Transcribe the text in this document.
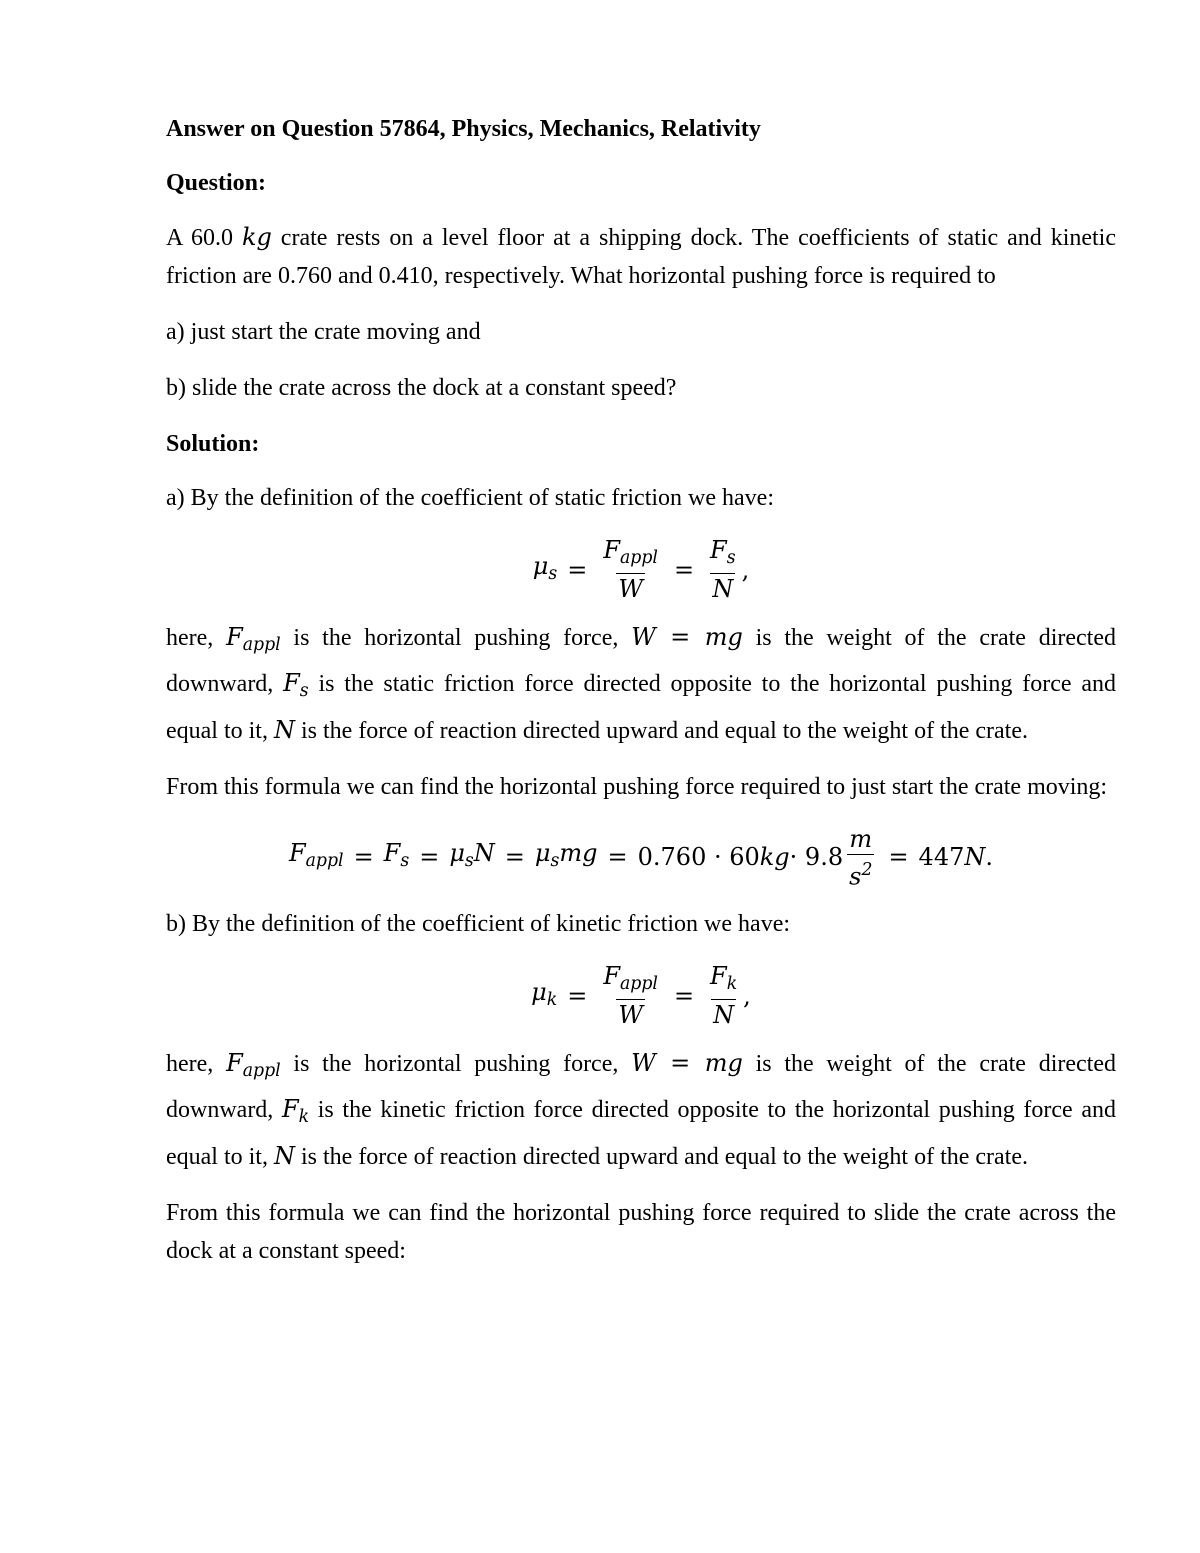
Answer on Question 57864, Physics, Mechanics, Relativity
Question:

A 60.0 kg crate rests on a level floor at a shipping dock. The coefficients of static and kinetic friction are 0.760 and 0.410, respectively. What horizontal pushing force is required to

a) just start the crate moving and

b) slide the crate across the dock at a constant speed?

Solution:

a) By the definition of the coefficient of static friction we have:

$\mu_s = \frac{F_{appl}}{W} = \frac{F_s}{N}$ ,

here, $F_{appl}$ is the horizontal pushing force, W = mg is the weight of the crate directed downward, $F_s$ is the static friction force directed opposite to the horizontal pushing force and equal to it, N is the force of reaction directed upward and equal to the weight of the crate.

From this formula we can find the horizontal pushing force required to just start the crate moving:

$F_{appl} = F_s = \mu_sN = \mu_smg = 0.760 \cdot 60$ kg · $9.8 \frac{m}{s^2} = 447$ N .

b) By the definition of the coefficient of kinetic friction we have:

$\mu_k = \frac{F_{appl}}{W} = \frac{F_k}{N}$ ,

here, $F_{appl}$ is the horizontal pushing force, W = mg is the weight of the crate directed downward, $F_k$ is the kinetic friction force directed opposite to the horizontal pushing force and equal to it, N is the force of reaction directed upward and equal to the weight of the crate.

From this formula we can find the horizontal pushing force required to slide the crate across the dock at a constant speed:
